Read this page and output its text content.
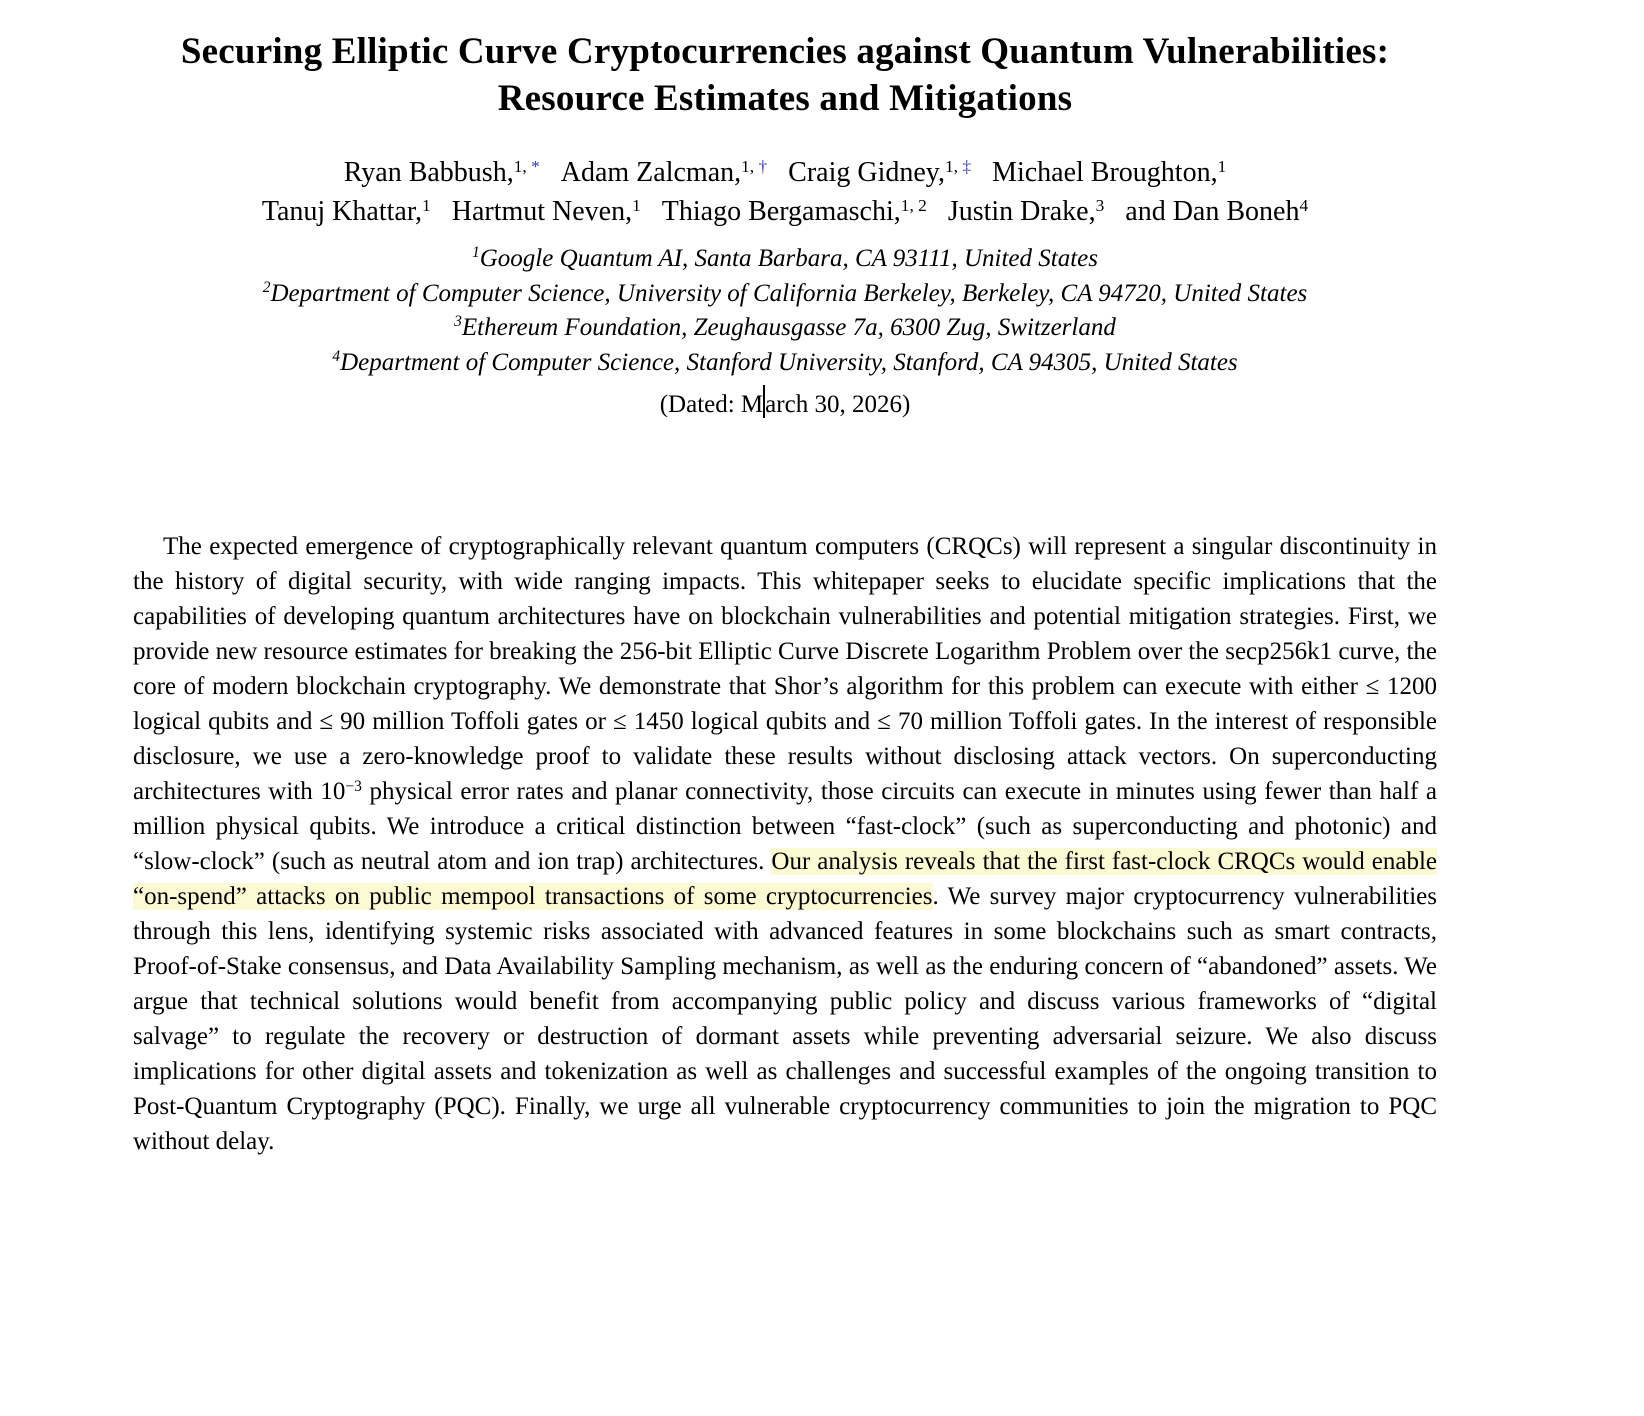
Securing Elliptic Curve Cryptocurrencies against Quantum Vulnerabilities:
Resource Estimates and Mitigations
Ryan Babbush,$^{1, *}$ Adam Zalcman,$^{1, \dagger}$ Craig Gidney,$^{1, \ddagger}$ Michael Broughton,$^1$
Tanuj Khattar,$^1$ Hartmut Neven,$^1$ Thiago Bergamaschi,$^{1, 2}$ Justin Drake,$^3$ and Dan Boneh$^4$
$^1$Google Quantum AI, Santa Barbara, CA 93111, United States
$^2$Department of Computer Science, University of California Berkeley, Berkeley, CA 94720, United States
$^3$Ethereum Foundation, Zeughausgasse 7a, 6300 Zug, Switzerland
$^4$Department of Computer Science, Stanford University, Stanford, CA 94305, United States
(Dated: March 30, 2026)

The expected emergence of cryptographically relevant quantum computers (CRQCs) will represent a singular discontinuity in the history of digital security, with wide ranging impacts. This whitepaper seeks to elucidate specific implications that the capabilities of developing quantum architectures have on blockchain vulnerabilities and potential mitigation strategies. First, we provide new resource estimates for breaking the 256-bit Elliptic Curve Discrete Logarithm Problem over the secp256k1 curve, the core of modern blockchain cryptography. We demonstrate that Shor’s algorithm for this problem can execute with either ≤ 1200 logical qubits and ≤ 90 million Toffoli gates or ≤ 1450 logical qubits and ≤ 70 million Toffoli gates. In the interest of responsible disclosure, we use a zero-knowledge proof to validate these results without disclosing attack vectors. On superconducting architectures with $10^{-3}$ physical error rates and planar connectivity, those circuits can execute in minutes using fewer than half a million physical qubits. We introduce a critical distinction between “fast-clock” (such as superconducting and photonic) and “slow-clock” (such as neutral atom and ion trap) architectures. Our analysis reveals that the first fast-clock CRQCs would enable “on-spend” attacks on public mempool transactions of some cryptocurrencies. We survey major cryptocurrency vulnerabilities through this lens, identifying systemic risks associated with advanced features in some blockchains such as smart contracts, Proof-of-Stake consensus, and Data Availability Sampling mechanism, as well as the enduring concern of “abandoned” assets. We argue that technical solutions would benefit from accompanying public policy and discuss various frameworks of “digital salvage” to regulate the recovery or destruction of dormant assets while preventing adversarial seizure. We also discuss implications for other digital assets and tokenization as well as challenges and successful examples of the ongoing transition to Post-Quantum Cryptography (PQC). Finally, we urge all vulnerable cryptocurrency communities to join the migration to PQC without delay.
